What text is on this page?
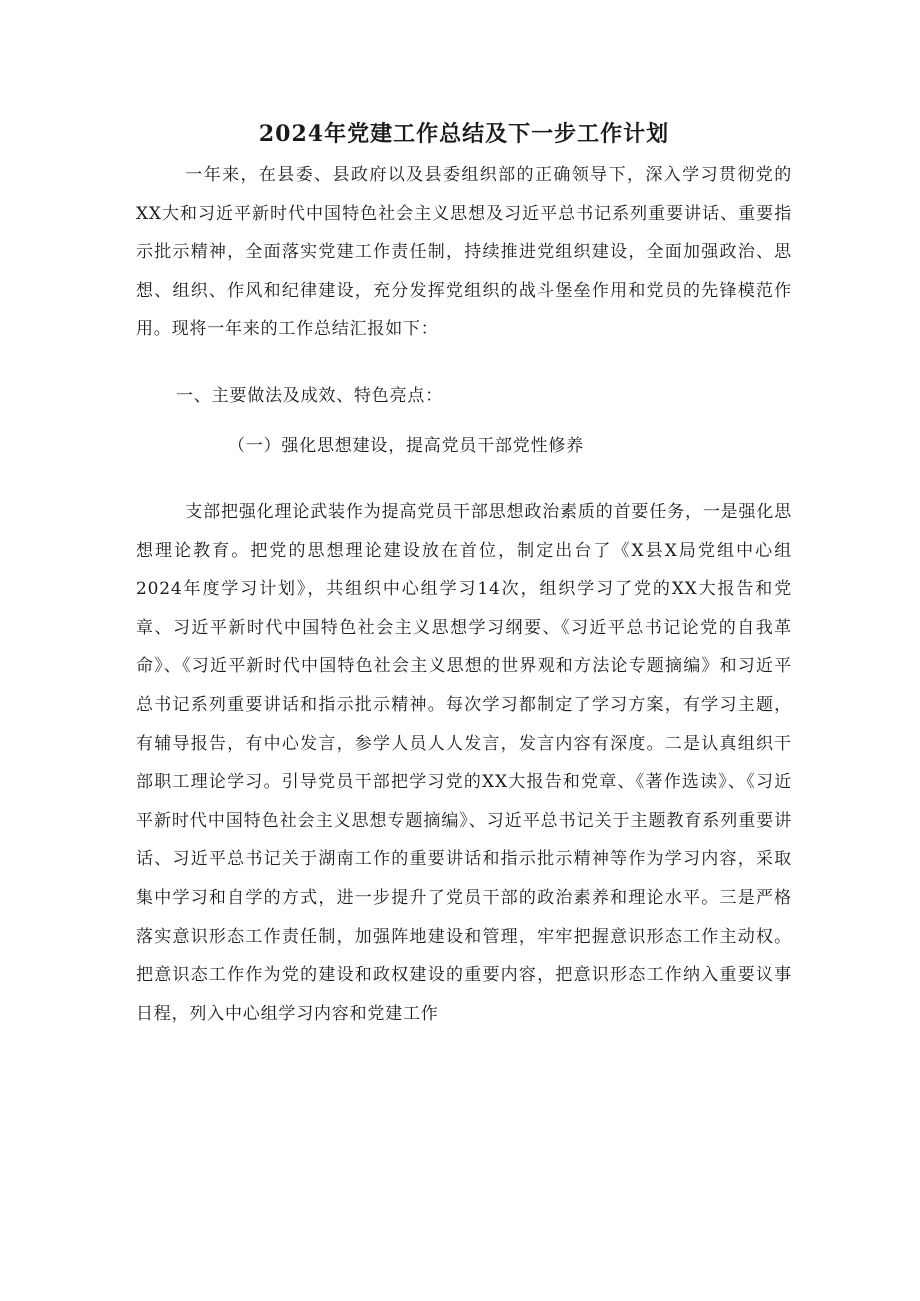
2024年党建工作总结及下一步工作计划

一年来，在县委、县政府以及县委组织部的正确领导下，深入学习贯彻党的XX大和习近平新时代中国特色社会主义思想及习近平总书记系列重要讲话、重要指示批示精神，全面落实党建工作责任制，持续推进党组织建设，全面加强政治、思想、组织、作风和纪律建设，充分发挥党组织的战斗堡垒作用和党员的先锋模范作用。现将一年来的工作总结汇报如下：

一、主要做法及成效、特色亮点：

（一）强化思想建设，提高党员干部党性修养

支部把强化理论武装作为提高党员干部思想政治素质的首要任务，一是强化思想理论教育。把党的思想理论建设放在首位，制定出台了《X县X局党组中心组2024年度学习计划》，共组织中心组学习14次，组织学习了党的XX大报告和党章、习近平新时代中国特色社会主义思想学习纲要、《习近平总书记论党的自我革命》、《习近平新时代中国特色社会主义思想的世界观和方法论专题摘编》和习近平总书记系列重要讲话和指示批示精神。每次学习都制定了学习方案，有学习主题，有辅导报告，有中心发言，参学人员人人发言，发言内容有深度。二是认真组织干部职工理论学习。引导党员干部把学习党的XX大报告和党章、《著作选读》、《习近平新时代中国特色社会主义思想专题摘编》、习近平总书记关于主题教育系列重要讲话、习近平总书记关于湖南工作的重要讲话和指示批示精神等作为学习内容，采取集中学习和自学的方式，进一步提升了党员干部的政治素养和理论水平。三是严格落实意识形态工作责任制，加强阵地建设和管理，牢牢把握意识形态工作主动权。把意识态工作作为党的建设和政权建设的重要内容，把意识形态工作纳入重要议事日程，列入中心组学习内容和党建工作
